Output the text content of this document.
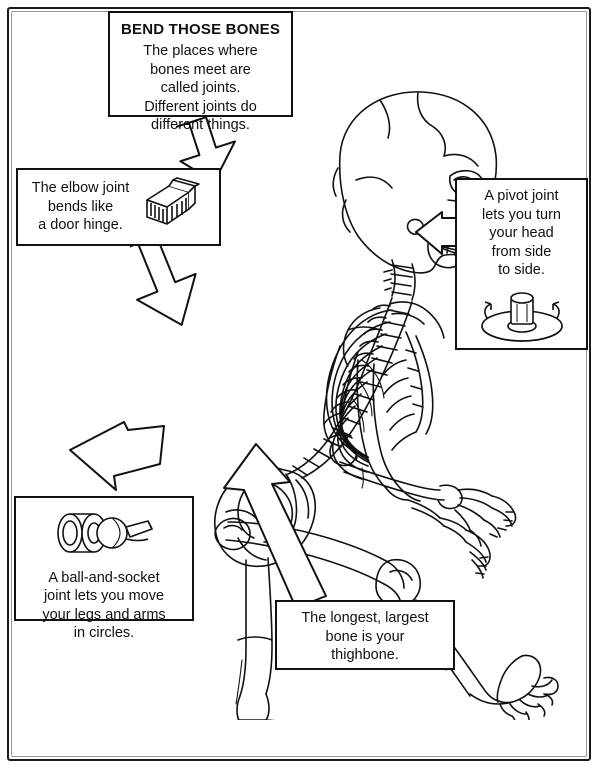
BEND THOSE BONES

The places where

bones meet are

called joints.

Different joints do

different things.

The elbow joint

bends like

a door hinge.

A pivot joint

lets you turn

your head

from side

to side.

A ball-and-socket

joint lets you move

your legs and arms

in circles.

The longest, largest

bone is your

thighbone.
